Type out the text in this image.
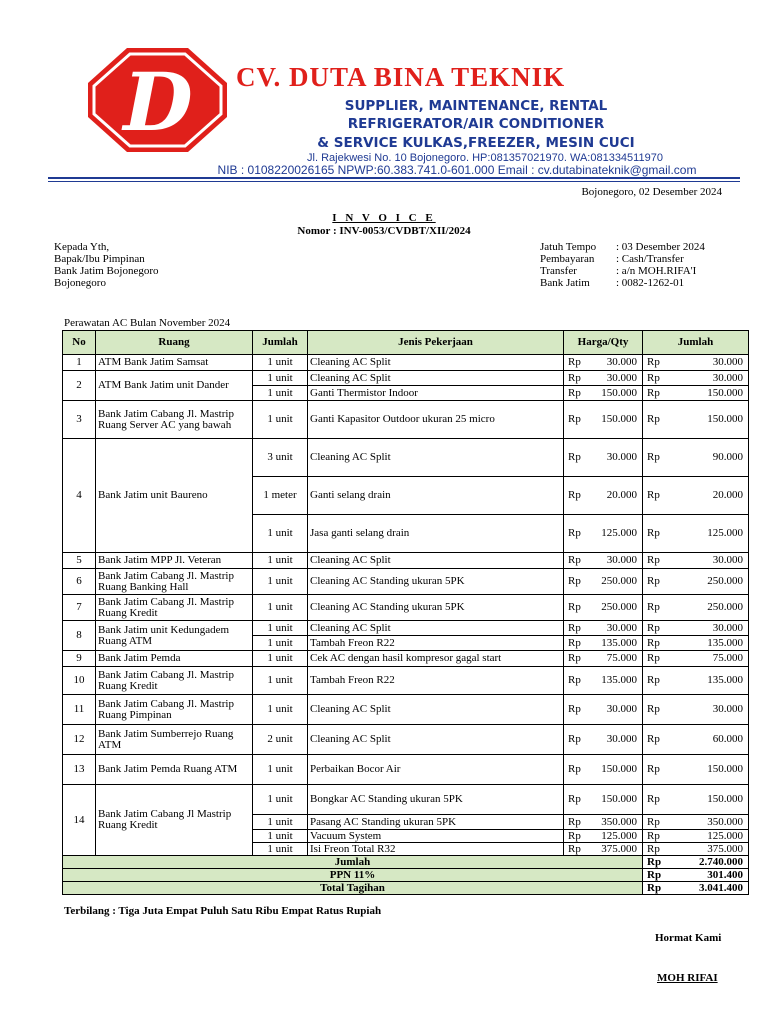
D CV. DUTA BINA TEKNIK
SUPPLIER, MAINTENANCE, RENTAL
REFRIGERATOR/AIR CONDITIONER
& SERVICE KULKAS,FREEZER, MESIN CUCI
Jl. Rajekwesi No. 10 Bojonegoro. HP:081357021970. WA:081334511970
NIB : 0108220026165 NPWP:60.383.741.0-601.000 Email : cv.dutabinateknik@gmail.com
Bojonegoro, 02 Desember 2024
I N V O I C E
Nomor : INV-0053/CVDBT/XII/2024
Kepada Yth,
Bapak/Ibu Pimpinan
Bank Jatim Bojonegoro
Bojonegoro
Jatuh Tempo : 03 Desember 2024
Pembayaran : Cash/Transfer
Transfer	: a/n MOH.RIFA'I
Bank Jatim : 0082-1262-01
Perawatan AC Bulan November 2024
No	Ruang	Jumlah	Jenis Pekerjaan	Harga/Qty		Jumlah	
1	ATM Bank Jatim Samsat	1 unit	Cleaning AC Split	Rp	30.000	Rp	30.000
2	ATM Bank Jatim unit Dander	1 unit	Cleaning AC Split	Rp	30.000	Rp	30.000
		1 unit	Ganti Thermistor Indoor	Rp	150.000	Rp	150.000
3	Bank Jatim Cabang Jl. Mastrip Ruang Server AC yang bawah	1 unit	Ganti Kapasitor Outdoor ukuran 25 micro	Rp	150.000	Rp	150.000
4	Bank Jatim unit Baureno	3 unit	Cleaning AC Split	Rp	30.000	Rp	90.000
		1 meter	Ganti selang drain	Rp	20.000	Rp	20.000
		1 unit	Jasa ganti selang drain	Rp	125.000	Rp	125.000
5	Bank Jatim MPP Jl. Veteran	1 unit	Cleaning AC Split	Rp	30.000	Rp	30.000
6	Bank Jatim Cabang Jl. Mastrip Ruang Banking Hall	1 unit	Cleaning AC Standing ukuran 5PK	Rp	250.000	Rp	250.000
7	Bank Jatim Cabang Jl. Mastrip Ruang Kredit	1 unit	Cleaning AC Standing ukuran 5PK	Rp	250.000	Rp	250.000
8	Bank Jatim unit Kedungadem Ruang ATM	1 unit	Cleaning AC Split	Rp	30.000	Rp	30.000
		1 unit	Tambah Freon R22	Rp	135.000	Rp	135.000
9	Bank Jatim Pemda	1 unit	Cek AC dengan hasil kompresor gagal start	Rp	75.000	Rp	75.000
10	Bank Jatim Cabang Jl. Mastrip Ruang Kredit	1 unit	Tambah Freon R22	Rp	135.000	Rp	135.000
11	Bank Jatim Cabang Jl. Mastrip Ruang Pimpinan	1 unit	Cleaning AC Split	Rp	30.000	Rp	30.000
12	Bank Jatim Sumberrejo Ruang ATM	2 unit	Cleaning AC Split	Rp	30.000	Rp	60.000
13	Bank Jatim Pemda Ruang ATM	1 unit	Perbaikan Bocor Air	Rp	150.000	Rp	150.000
14	Bank Jatim Cabang Jl Mastrip Ruang Kredit	1 unit	Bongkar AC Standing ukuran 5PK	Rp	150.000	Rp	150.000
		1 unit	Pasang AC Standing ukuran 5PK	Rp	350.000	Rp	350.000
		1 unit	Vacuum System	Rp	125.000	Rp	125.000
		1 unit	Isi Freon Total R32	Rp	375.000	Rp	375.000
Jumlah						Rp	2.740.000
PPN 11%						Rp	301.400
Total Tagihan						Rp	3.041.400
Terbilang : Tiga Juta Empat Puluh Satu Ribu Empat Ratus Rupiah
Hormat Kami
MOH RIFAI
